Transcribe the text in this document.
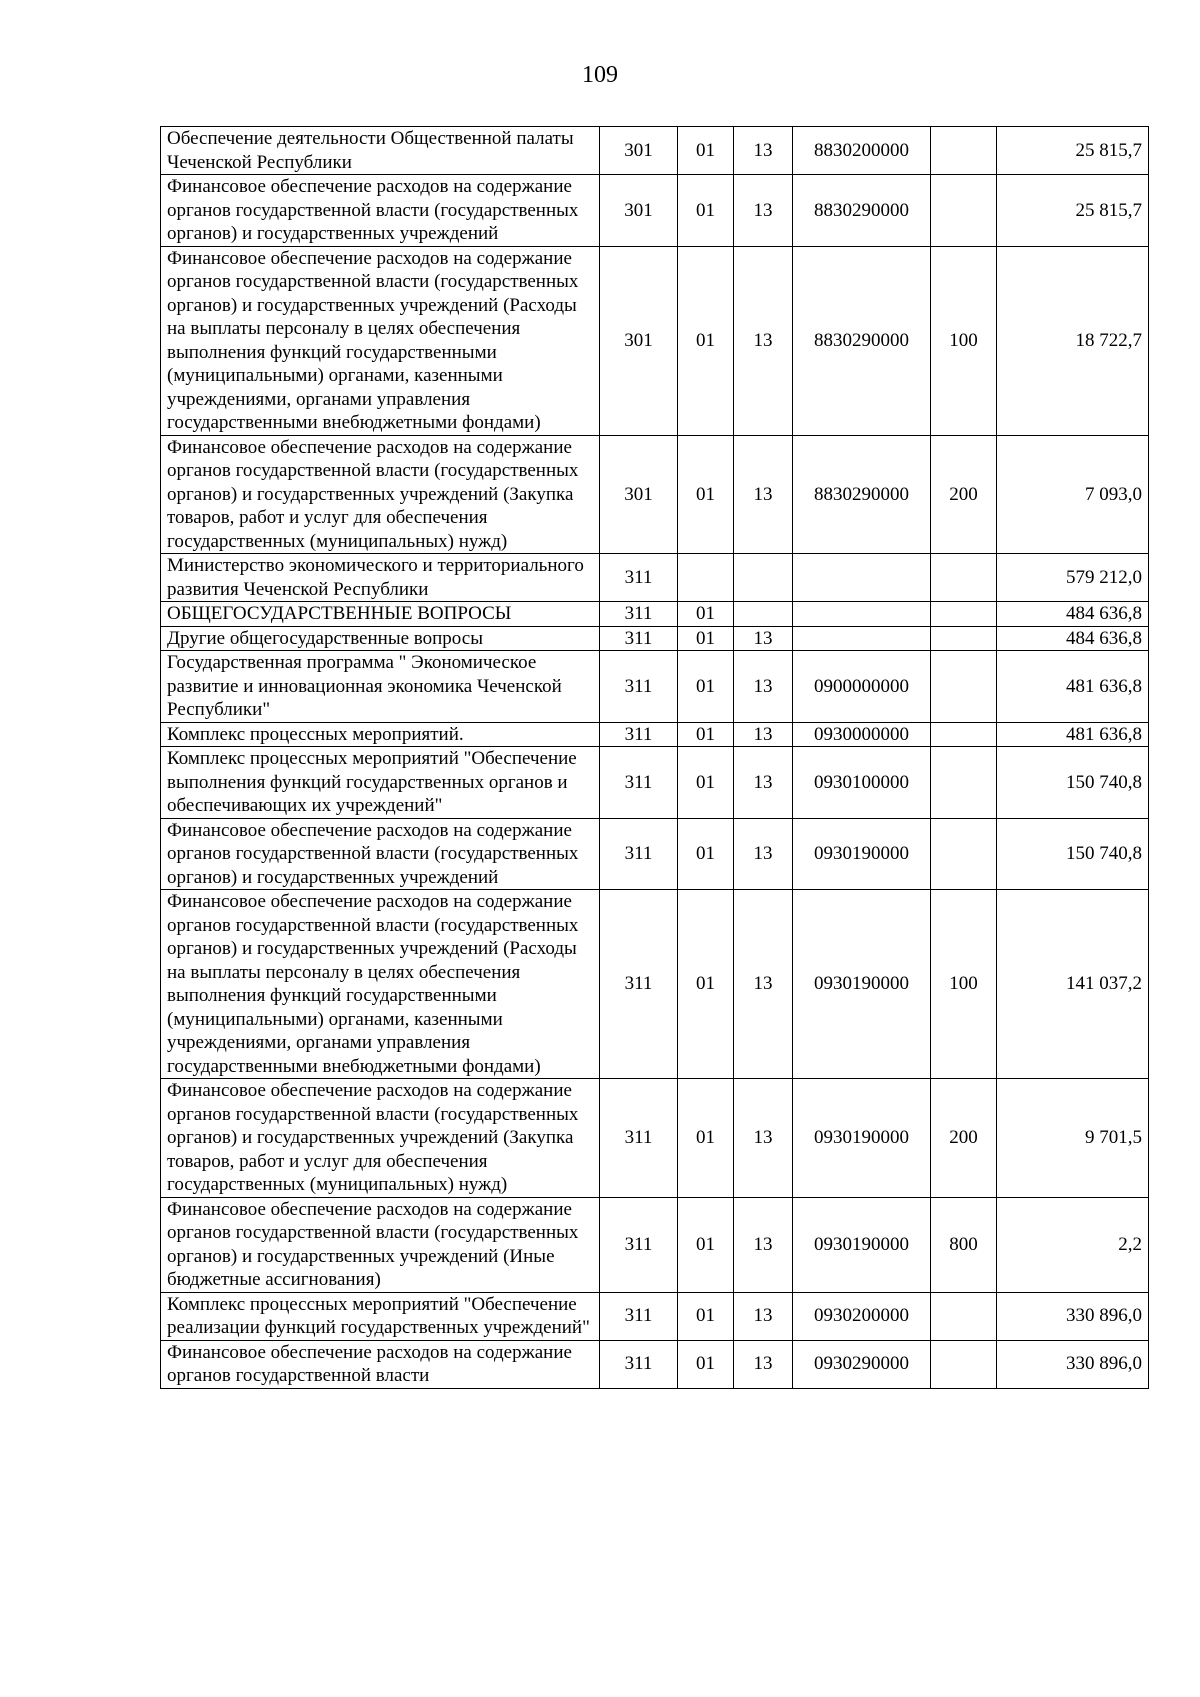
109
Обеспечение деятельности Общественной палаты Чеченской Республики	301	01	13	8830200000		25 815,7
Финансовое обеспечение расходов на содержание органов государственной власти (государственных органов) и государственных учреждений	301	01	13	8830290000		25 815,7
Финансовое обеспечение расходов на содержание органов государственной власти (государственных органов) и государственных учреждений (Расходы на выплаты персоналу в целях обеспечения выполнения функций государственными (муниципальными) органами, казенными учреждениями, органами управления государственными внебюджетными фондами)	301	01	13	8830290000	100	18 722,7
Финансовое обеспечение расходов на содержание органов государственной власти (государственных органов) и государственных учреждений (Закупка товаров, работ и услуг для обеспечения государственных (муниципальных) нужд)	301	01	13	8830290000	200	7 093,0
Министерство экономического и территориального развития Чеченской Республики	311					579 212,0
ОБЩЕГОСУДАРСТВЕННЫЕ ВОПРОСЫ	311	01				484 636,8
Другие общегосударственные вопросы	311	01	13			484 636,8
Государственная программа " Экономическое развитие и инновационная экономика Чеченской Республики"	311	01	13	0900000000		481 636,8
Комплекс процессных мероприятий.	311	01	13	0930000000		481 636,8
Комплекс процессных мероприятий "Обеспечение выполнения функций государственных органов и обеспечивающих их учреждений"	311	01	13	0930100000		150 740,8
Финансовое обеспечение расходов на содержание органов государственной власти (государственных органов) и государственных учреждений	311	01	13	0930190000		150 740,8
Финансовое обеспечение расходов на содержание органов государственной власти (государственных органов) и государственных учреждений (Расходы на выплаты персоналу в целях обеспечения выполнения функций государственными (муниципальными) органами, казенными учреждениями, органами управления государственными внебюджетными фондами)	311	01	13	0930190000	100	141 037,2
Финансовое обеспечение расходов на содержание органов государственной власти (государственных органов) и государственных учреждений (Закупка товаров, работ и услуг для обеспечения государственных (муниципальных) нужд)	311	01	13	0930190000	200	9 701,5
Финансовое обеспечение расходов на содержание органов государственной власти (государственных органов) и государственных учреждений (Иные бюджетные ассигнования)	311	01	13	0930190000	800	2,2
Комплекс процессных мероприятий "Обеспечение реализации функций государственных учреждений"	311	01	13	0930200000		330 896,0
Финансовое обеспечение расходов на содержание органов государственной власти	311	01	13	0930290000		330 896,0
